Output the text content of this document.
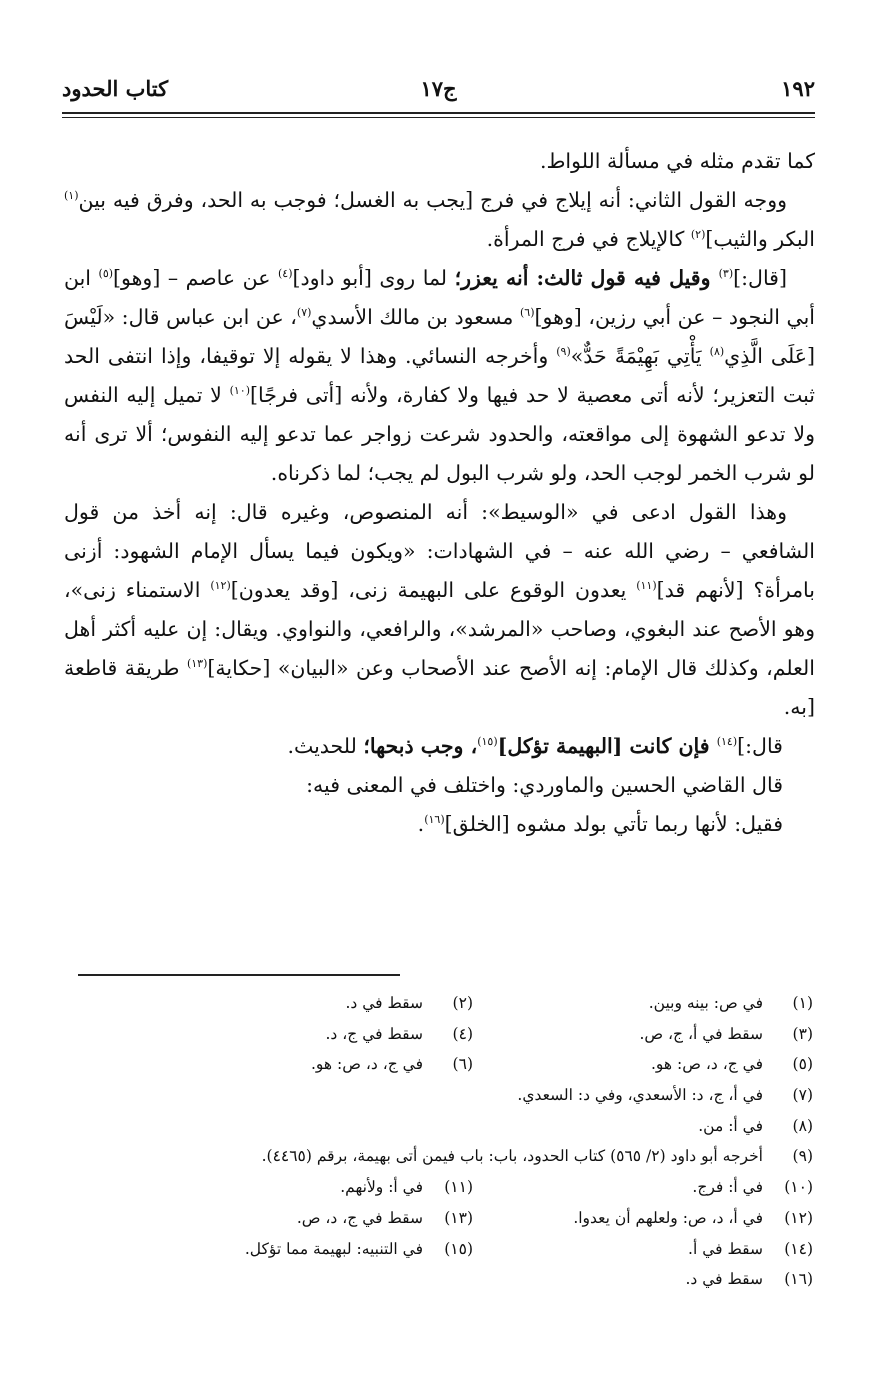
١٩٢
ج١٧
كتاب الحدود

كما تقدم مثله في مسألة اللواط.

ووجه القول الثاني: أنه إيلاج في فرج [يجب به الغسل؛ فوجب به الحد، وفرق فيه بين$^{(١)}$ البكر والثيب]$^{(٢)}$ كالإيلاج في فرج المرأة.

[قال:]$^{(٣)}$ وقيل فيه قول ثالث: أنه يعزر؛ لما روى [أبو داود]$^{(٤)}$ عن عاصم – [وهو]$^{(٥)}$ ابن أبي النجود – عن أبي رزين، [وهو]$^{(٦)}$ مسعود بن مالك الأسدي$^{(٧)}$، عن ابن عباس قال: «لَيْسَ [عَلَى الَّذِي$^{(٨)}$ يَأْتِي بَهِيْمَةً حَدٌّ»$^{(٩)}$ وأخرجه النسائي. وهذا لا يقوله إلا توقيفا، وإذا انتفى الحد ثبت التعزير؛ لأنه أتى معصية لا حد فيها ولا كفارة، ولأنه [أتى فرجًا]$^{(١٠)}$ لا تميل إليه النفس ولا تدعو الشهوة إلى مواقعته، والحدود شرعت زواجر عما تدعو إليه النفوس؛ ألا ترى أنه لو شرب الخمر لوجب الحد، ولو شرب البول لم يجب؛ لما ذكرناه.

وهذا القول ادعى في «الوسيط»: أنه المنصوص، وغيره قال: إنه أخذ من قول الشافعي – رضي الله عنه – في الشهادات: «ويكون فيما يسأل الإمام الشهود: أزنى بامرأة؟ [لأنهم قد]$^{(١١)}$ يعدون الوقوع على البهيمة زنى، [وقد يعدون]$^{(١٢)}$ الاستمناء زنى»، وهو الأصح عند البغوي، وصاحب «المرشد»، والرافعي، والنواوي. ويقال: إن عليه أكثر أهل العلم، وكذلك قال الإمام: إنه الأصح عند الأصحاب وعن «البيان» [حكاية]$^{(١٣)}$ طريقة قاطعة [به.

قال:]$^{(١٤)}$ فإن كانت [البهيمة تؤكل]$^{(١٥)}$، وجب ذبحها؛ للحديث.

قال القاضي الحسين والماوردي: واختلف في المعنى فيه:

فقيل: لأنها ربما تأتي بولد مشوه [الخلق]$^{(١٦)}$.

(١)في ص: بينه وبين.
(٢)سقط في د.
(٣)سقط في أ، ج، ص.
(٤)سقط في ج، د.
(٥)في ج، د، ص: هو.
(٦)في ج، د، ص: هو.
(٧)في أ، ج، د: الأسعدي، وفي د: السعدي.
(٨)في أ: من.
(٩)أخرجه أبو داود (٢/ ٥٦٥) كتاب الحدود، باب: باب فيمن أتى بهيمة، برقم (٤٤٦٥).
(١٠)في أ: فرج.
(١١)في أ: ولأنهم.
(١٢)في أ، د، ص: ولعلهم أن يعدوا.
(١٣)سقط في ج، د، ص.
(١٤)سقط في أ.
(١٥)في التنبيه: لبهيمة مما تؤكل.
(١٦)سقط في د.
